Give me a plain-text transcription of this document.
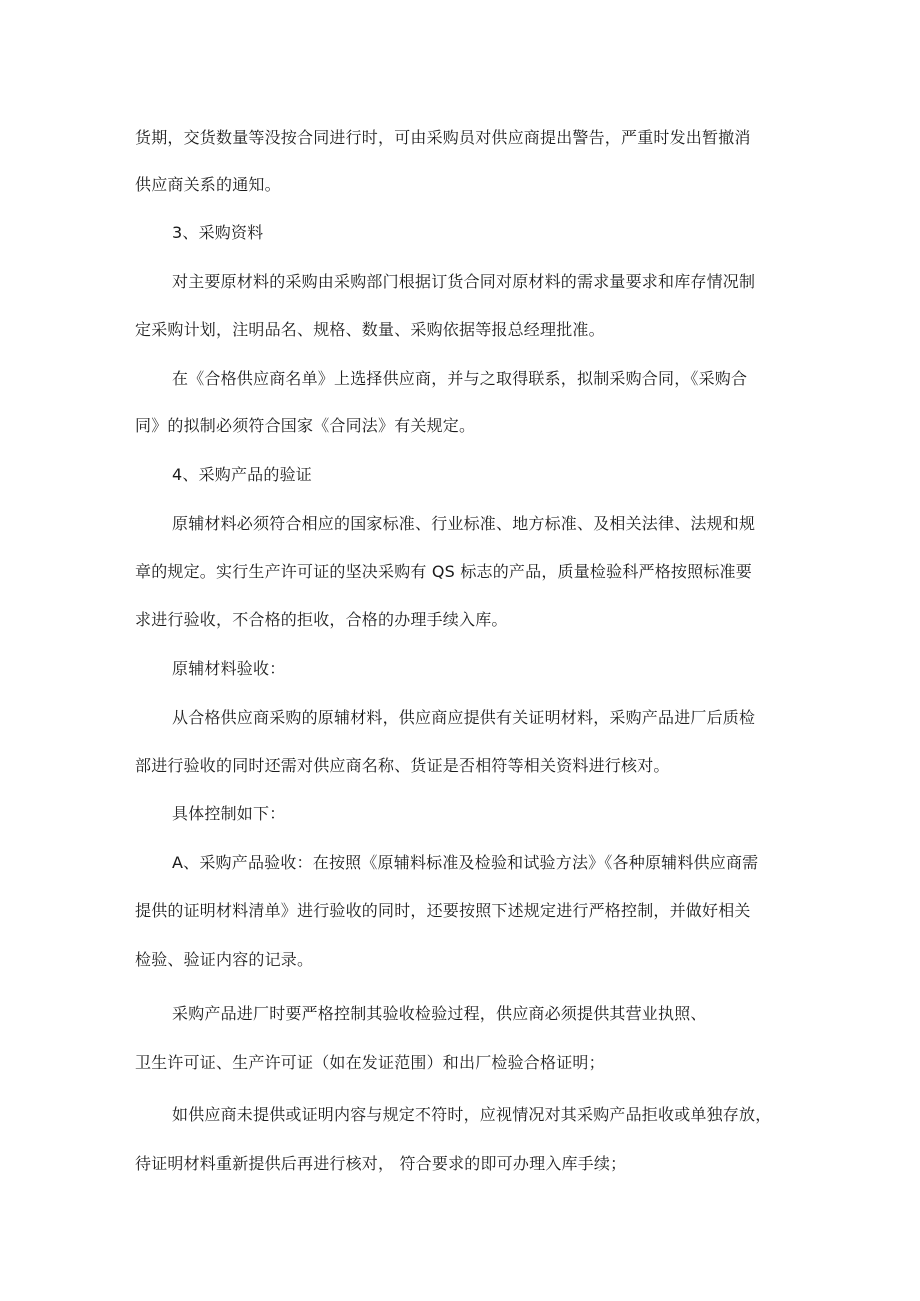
货期，交货数量等没按合同进行时，可由采购员对供应商提出警告，严重时发出暂撤消
供应商关系的通知。
3、采购资料
对主要原材料的采购由采购部门根据订货合同对原材料的需求量要求和库存情况制
定采购计划，注明品名、规格、数量、采购依据等报总经理批准。
在《合格供应商名单》上选择供应商，并与之取得联系，拟制采购合同，《采购合
同》的拟制必须符合国家《合同法》有关规定。
4、采购产品的验证
原辅材料必须符合相应的国家标准、行业标准、地方标准、及相关法律、法规和规
章的规定。实行生产许可证的坚决采购有 QS 标志的产品，质量检验科严格按照标准要
求进行验收，不合格的拒收，合格的办理手续入库。
原辅材料验收：
从合格供应商采购的原辅材料，供应商应提供有关证明材料，采购产品进厂后质检
部进行验收的同时还需对供应商名称、货证是否相符等相关资料进行核对。
具体控制如下：
A、采购产品验收：在按照《原辅料标准及检验和试验方法》《各种原辅料供应商需
提供的证明材料清单》进行验收的同时，还要按照下述规定进行严格控制，并做好相关
检验、验证内容的记录。
采购产品进厂时要严格控制其验收检验过程，供应商必须提供其营业执照、
卫生许可证、生产许可证（如在发证范围）和出厂检验合格证明；
如供应商未提供或证明内容与规定不符时，应视情况对其采购产品拒收或单独存放，
待证明材料重新提供后再进行核对， 符合要求的即可办理入库手续；
